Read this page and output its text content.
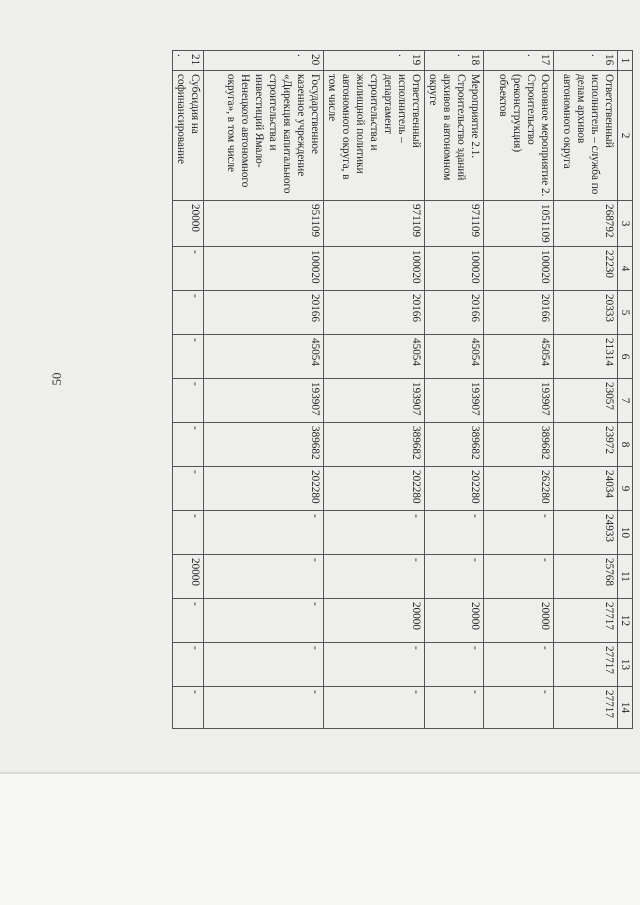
50
1	2	3	4	5	6	7	8	9	10	11	12	13	14
16.	Ответственный исполнитель – служба по делам архивов автономного округа	268792	22230	20333	21314	23057	23972	24034	24933	25768	27717	27717	27717
17.	Основное мероприятие 2. Строительство (реконструкция) объектов	1051109	100020	20166	45054	193907	389682	262280	-	-	20000	-	-
18.	Мероприятие 2.1. Строительство зданий архивов в автономном округе	971109	100020	20166	45054	193907	389682	202280	-	-	20000	-	-
19.	Ответственный исполнитель – департамент строительства и жилищной политики автономного округа, в том числе	971109	100020	20166	45054	193907	389682	202280	-	-	20000	-	-
20.	Государственное казенное учреждение «Дирекция капитального строительства и инвестиций Ямало-Ненецкого автономного округа», в том числе	951109	100020	20166	45054	193907	389682	202280	-	-	-	-	-
21.	Субсидия на софинансирование	20000	-	-	-	-	-	-	-	20000	-	-	-
